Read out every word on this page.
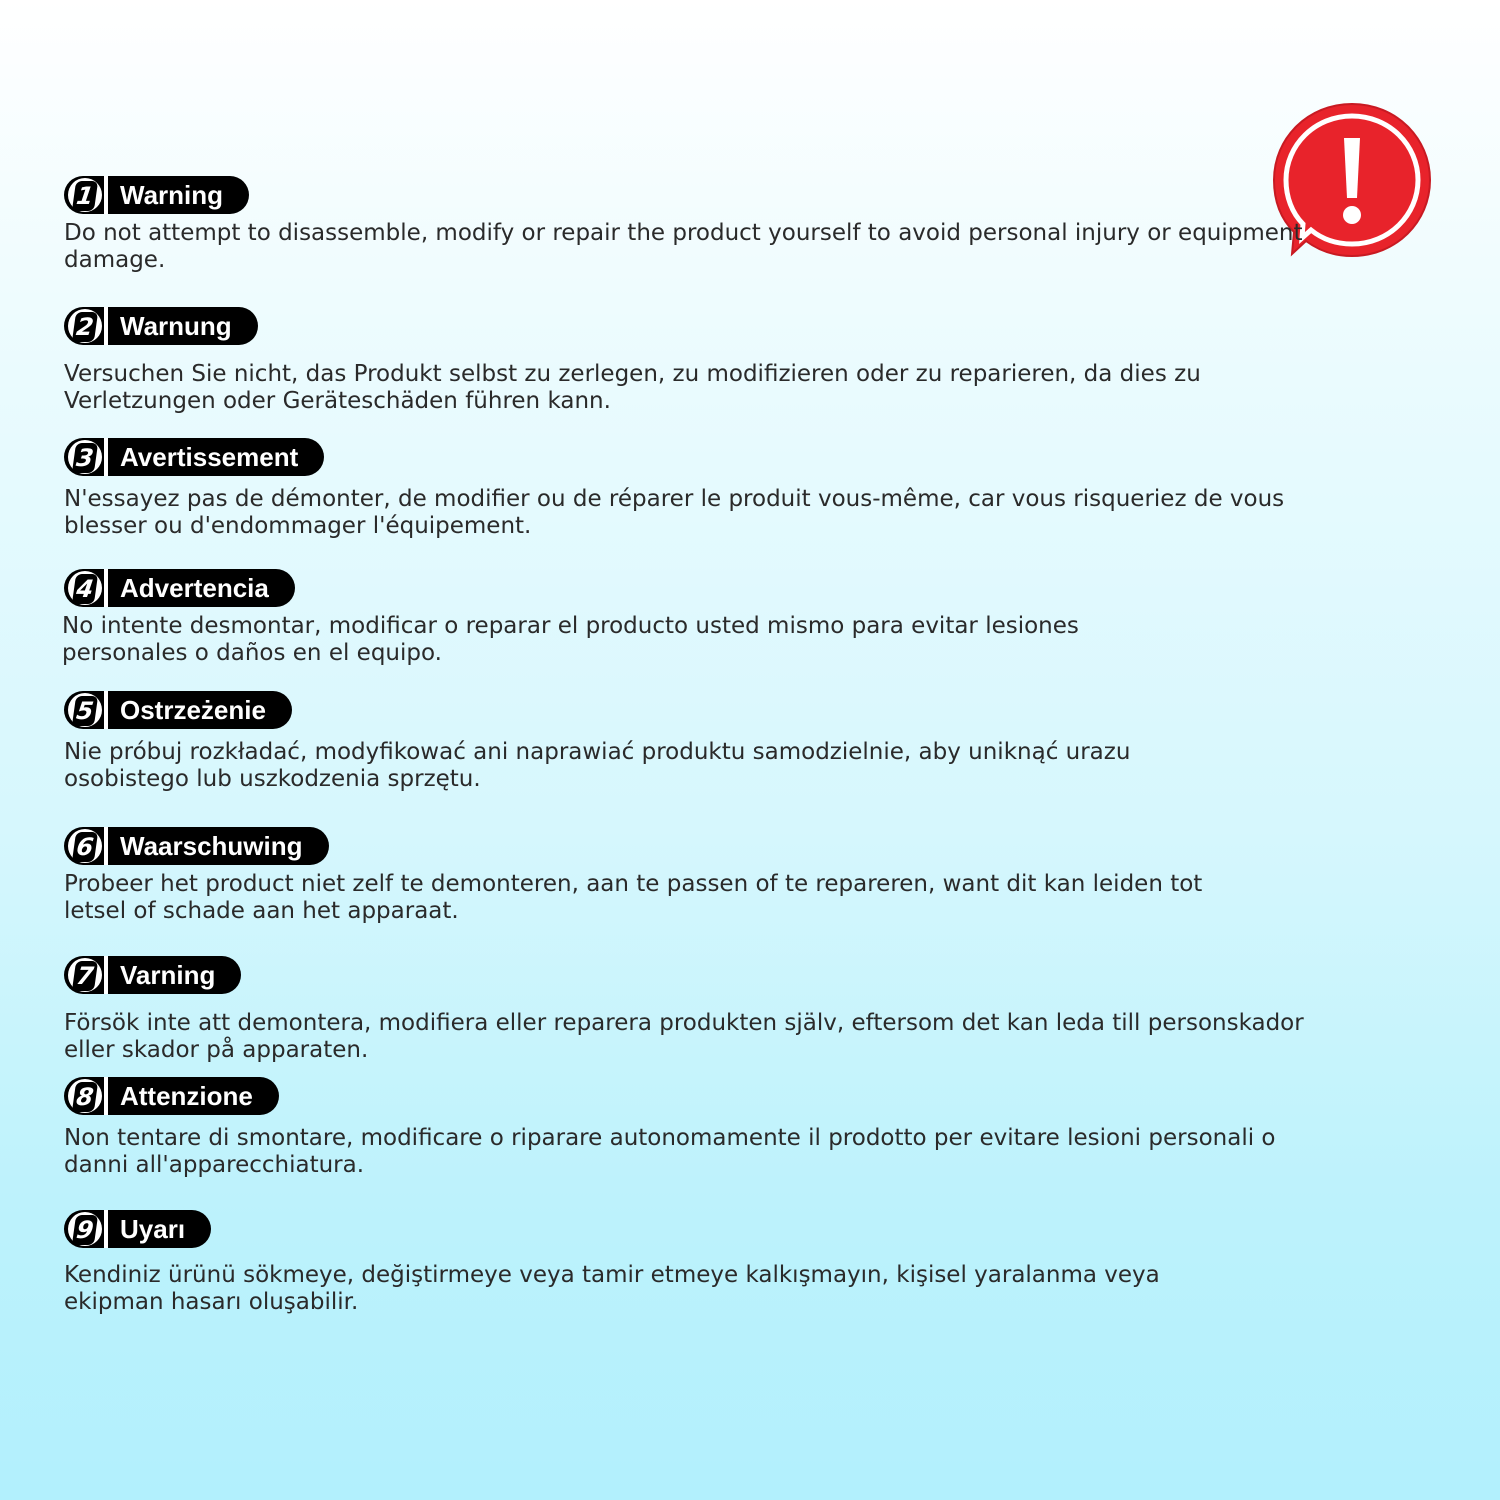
1 Warning

Do not attempt to disassemble, modify or repair the product yourself to avoid personal injury or equipment damage.

2 Warnung

Versuchen Sie nicht, das Produkt selbst zu zerlegen, zu modifizieren oder zu reparieren, da dies zu Verletzungen oder Geräteschäden führen kann.

3 Avertissement

N'essayez pas de démonter, de modifier ou de réparer le produit vous-même, car vous risqueriez de vous blesser ou d'endommager l'équipement.

4 Advertencia

No intente desmontar, modificar o reparar el producto usted mismo para evitar lesiones personales o daños en el equipo.

5 Ostrzeżenie

Nie próbuj rozkładać, modyfikować ani naprawiać produktu samodzielnie, aby uniknąć urazu osobistego lub uszkodzenia sprzętu.

6 Waarschuwing

Probeer het product niet zelf te demonteren, aan te passen of te repareren, want dit kan leiden tot letsel of schade aan het apparaat.

7 Varning

Försök inte att demontera, modifiera eller reparera produkten själv, eftersom det kan leda till personskador eller skador på apparaten.

8 Attenzione

Non tentare di smontare, modificare o riparare autonomamente il prodotto per evitare lesioni personali o danni all'apparecchiatura.

9 Uyarı

Kendiniz ürünü sökmeye, değiştirmeye veya tamir etmeye kalkışmayın, kişisel yaralanma veya ekipman hasarı oluşabilir.
